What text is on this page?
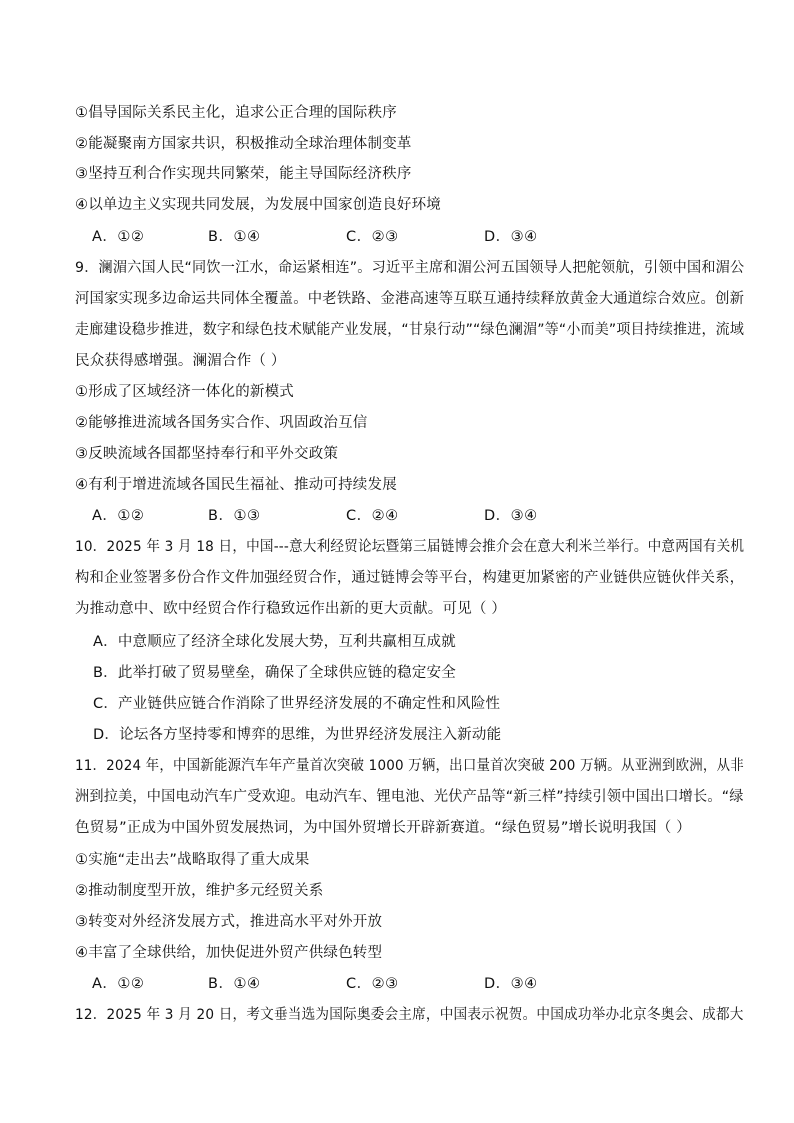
①倡导国际关系民主化，追求公正合理的国际秩序
②能凝聚南方国家共识，积极推动全球治理体制变革
③坚持互利合作实现共同繁荣，能主导国际经济秩序
④以单边主义实现共同发展，为发展中国家创造良好环境
A．①②	B．①④	C．②③	D．③④
9．澜湄六国人民“同饮一江水，命运紧相连”。习近平主席和湄公河五国领导人把舵领航，引领中国和湄公
河国家实现多边命运共同体全覆盖。中老铁路、金港高速等互联互通持续释放黄金大通道综合效应。创新
走廊建设稳步推进，数字和绿色技术赋能产业发展，“甘泉行动”“绿色澜湄”等“小而美”项目持续推进，流域
民众获得感增强。澜湄合作（ ）
①形成了区域经济一体化的新模式
②能够推进流域各国务实合作、巩固政治互信
③反映流域各国都坚持奉行和平外交政策
④有利于增进流域各国民生福祉、推动可持续发展
A．①②	B．①③	C．②④	D．③④
10．2025 年 3 月 18 日，中国---意大利经贸论坛暨第三届链博会推介会在意大利米兰举行。中意两国有关机
构和企业签署多份合作文件加强经贸合作，通过链博会等平台，构建更加紧密的产业链供应链伙伴关系，
为推动意中、欧中经贸合作行稳致远作出新的更大贡献。可见（ ）
A．中意顺应了经济全球化发展大势，互利共赢相互成就
B．此举打破了贸易壁垒，确保了全球供应链的稳定安全
C．产业链供应链合作消除了世界经济发展的不确定性和风险性
D．论坛各方坚持零和博弈的思维，为世界经济发展注入新动能
11．2024 年，中国新能源汽车年产量首次突破 1000 万辆，出口量首次突破 200 万辆。从亚洲到欧洲，从非
洲到拉美，中国电动汽车广受欢迎。电动汽车、锂电池、光伏产品等“新三样”持续引领中国出口增长。“绿
色贸易”正成为中国外贸发展热词，为中国外贸增长开辟新赛道。“绿色贸易”增长说明我国（ ）
①实施“走出去”战略取得了重大成果
②推动制度型开放，维护多元经贸关系
③转变对外经济发展方式，推进高水平对外开放
④丰富了全球供给，加快促进外贸产供绿色转型
A．①②	B．①④	C．②③	D．③④
12．2025 年 3 月 20 日，考文垂当选为国际奥委会主席，中国表示祝贺。中国成功举办北京冬奥会、成都大
